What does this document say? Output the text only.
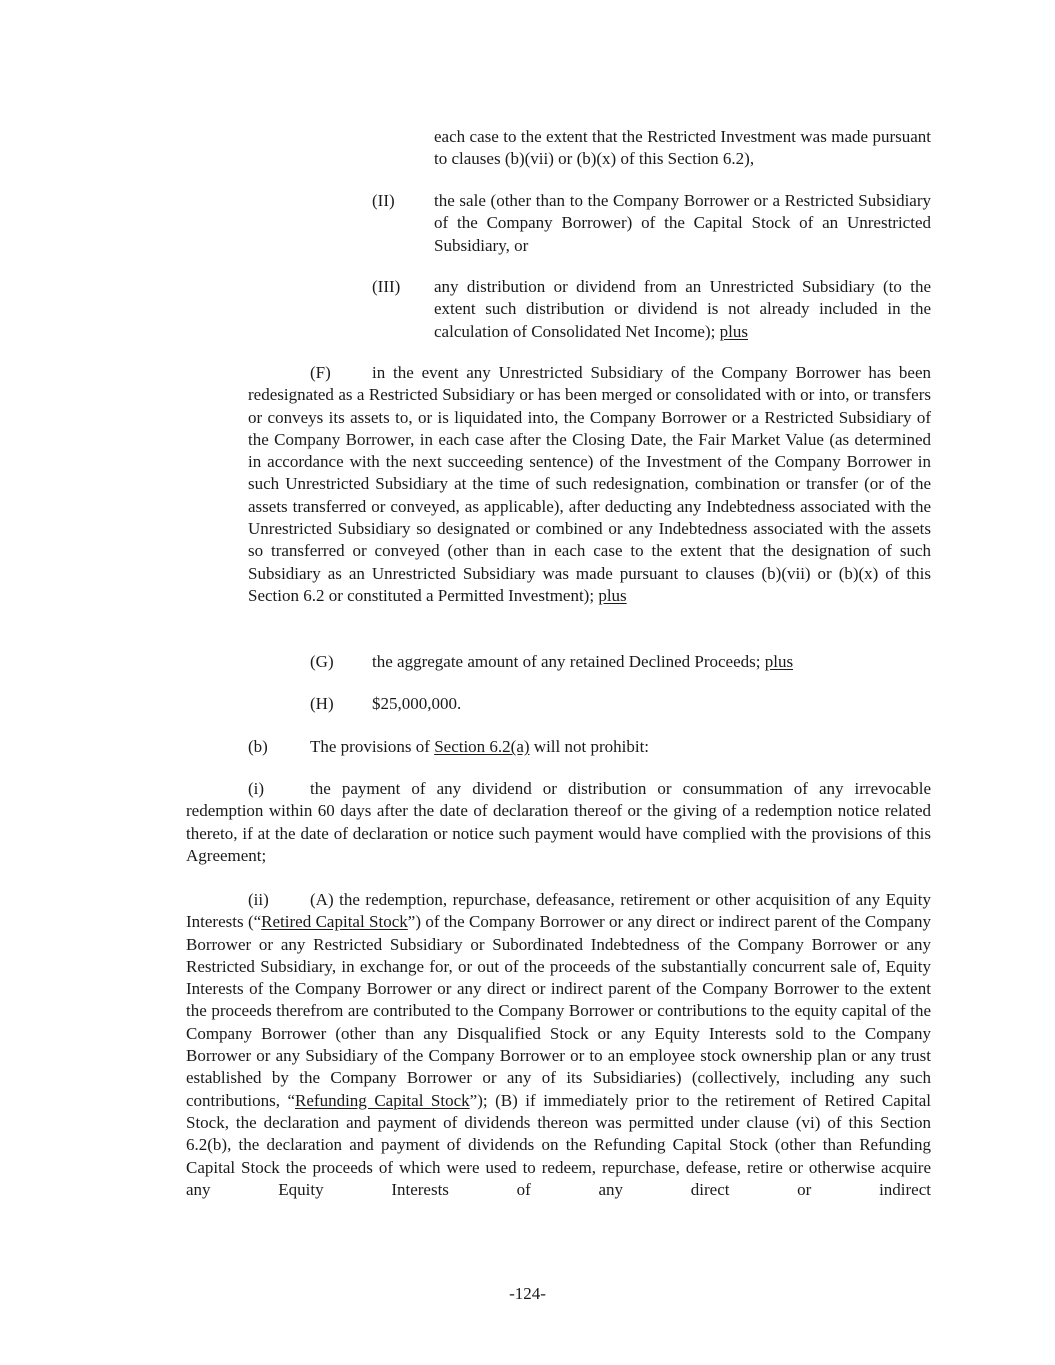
each case to the extent that the Restricted Investment was made pursuant to clauses (b)(vii) or (b)(x) of this Section 6.2),
(II) the sale (other than to the Company Borrower or a Restricted Subsidiary of the Company Borrower) of the Capital Stock of an Unrestricted Subsidiary, or
(III) any distribution or dividend from an Unrestricted Subsidiary (to the extent such distribution or dividend is not already included in the calculation of Consolidated Net Income); plus
(F) in the event any Unrestricted Subsidiary of the Company Borrower has been redesignated as a Restricted Subsidiary or has been merged or consolidated with or into, or transfers or conveys its assets to, or is liquidated into, the Company Borrower or a Restricted Subsidiary of the Company Borrower, in each case after the Closing Date, the Fair Market Value (as determined in accordance with the next succeeding sentence) of the Investment of the Company Borrower in such Unrestricted Subsidiary at the time of such redesignation, combination or transfer (or of the assets transferred or conveyed, as applicable), after deducting any Indebtedness associated with the Unrestricted Subsidiary so designated or combined or any Indebtedness associated with the assets so transferred or conveyed (other than in each case to the extent that the designation of such Subsidiary as an Unrestricted Subsidiary was made pursuant to clauses (b)(vii) or (b)(x) of this Section 6.2 or constituted a Permitted Investment); plus
(G) the aggregate amount of any retained Declined Proceeds; plus
(H) $25,000,000.
(b) The provisions of Section 6.2(a) will not prohibit:
(i)	the payment of any dividend or distribution or consummation of any irrevocable redemption within 60 days after the date of declaration thereof or the giving of a redemption notice related thereto, if at the date of declaration or notice such payment would have complied with the provisions of this Agreement;
(ii) (A) the redemption, repurchase, defeasance, retirement or other acquisition of any Equity Interests (“Retired Capital Stock”) of the Company Borrower or any direct or indirect parent of the Company Borrower or any Restricted Subsidiary or Subordinated Indebtedness of the Company Borrower or any Restricted Subsidiary, in exchange for, or out of the proceeds of the substantially concurrent sale of, Equity Interests of the Company Borrower or any direct or indirect parent of the Company Borrower to the extent the proceeds therefrom are contributed to the Company Borrower or contributions to the equity capital of the Company Borrower (other than any Disqualified Stock or any Equity Interests sold to the Company Borrower or any Subsidiary of the Company Borrower or to an employee stock ownership plan or any trust established by the Company Borrower or any of its Subsidiaries) (collectively, including any such contributions, “Refunding Capital Stock”); (B) if immediately prior to the retirement of Retired Capital Stock, the declaration and payment of dividends thereon was permitted under clause (vi) of this Section 6.2(b), the declaration and payment of dividends on the Refunding Capital Stock (other than Refunding Capital Stock the proceeds of which were used to redeem, repurchase, defease, retire or otherwise acquire any Equity Interests of any direct or indirect
-124-
